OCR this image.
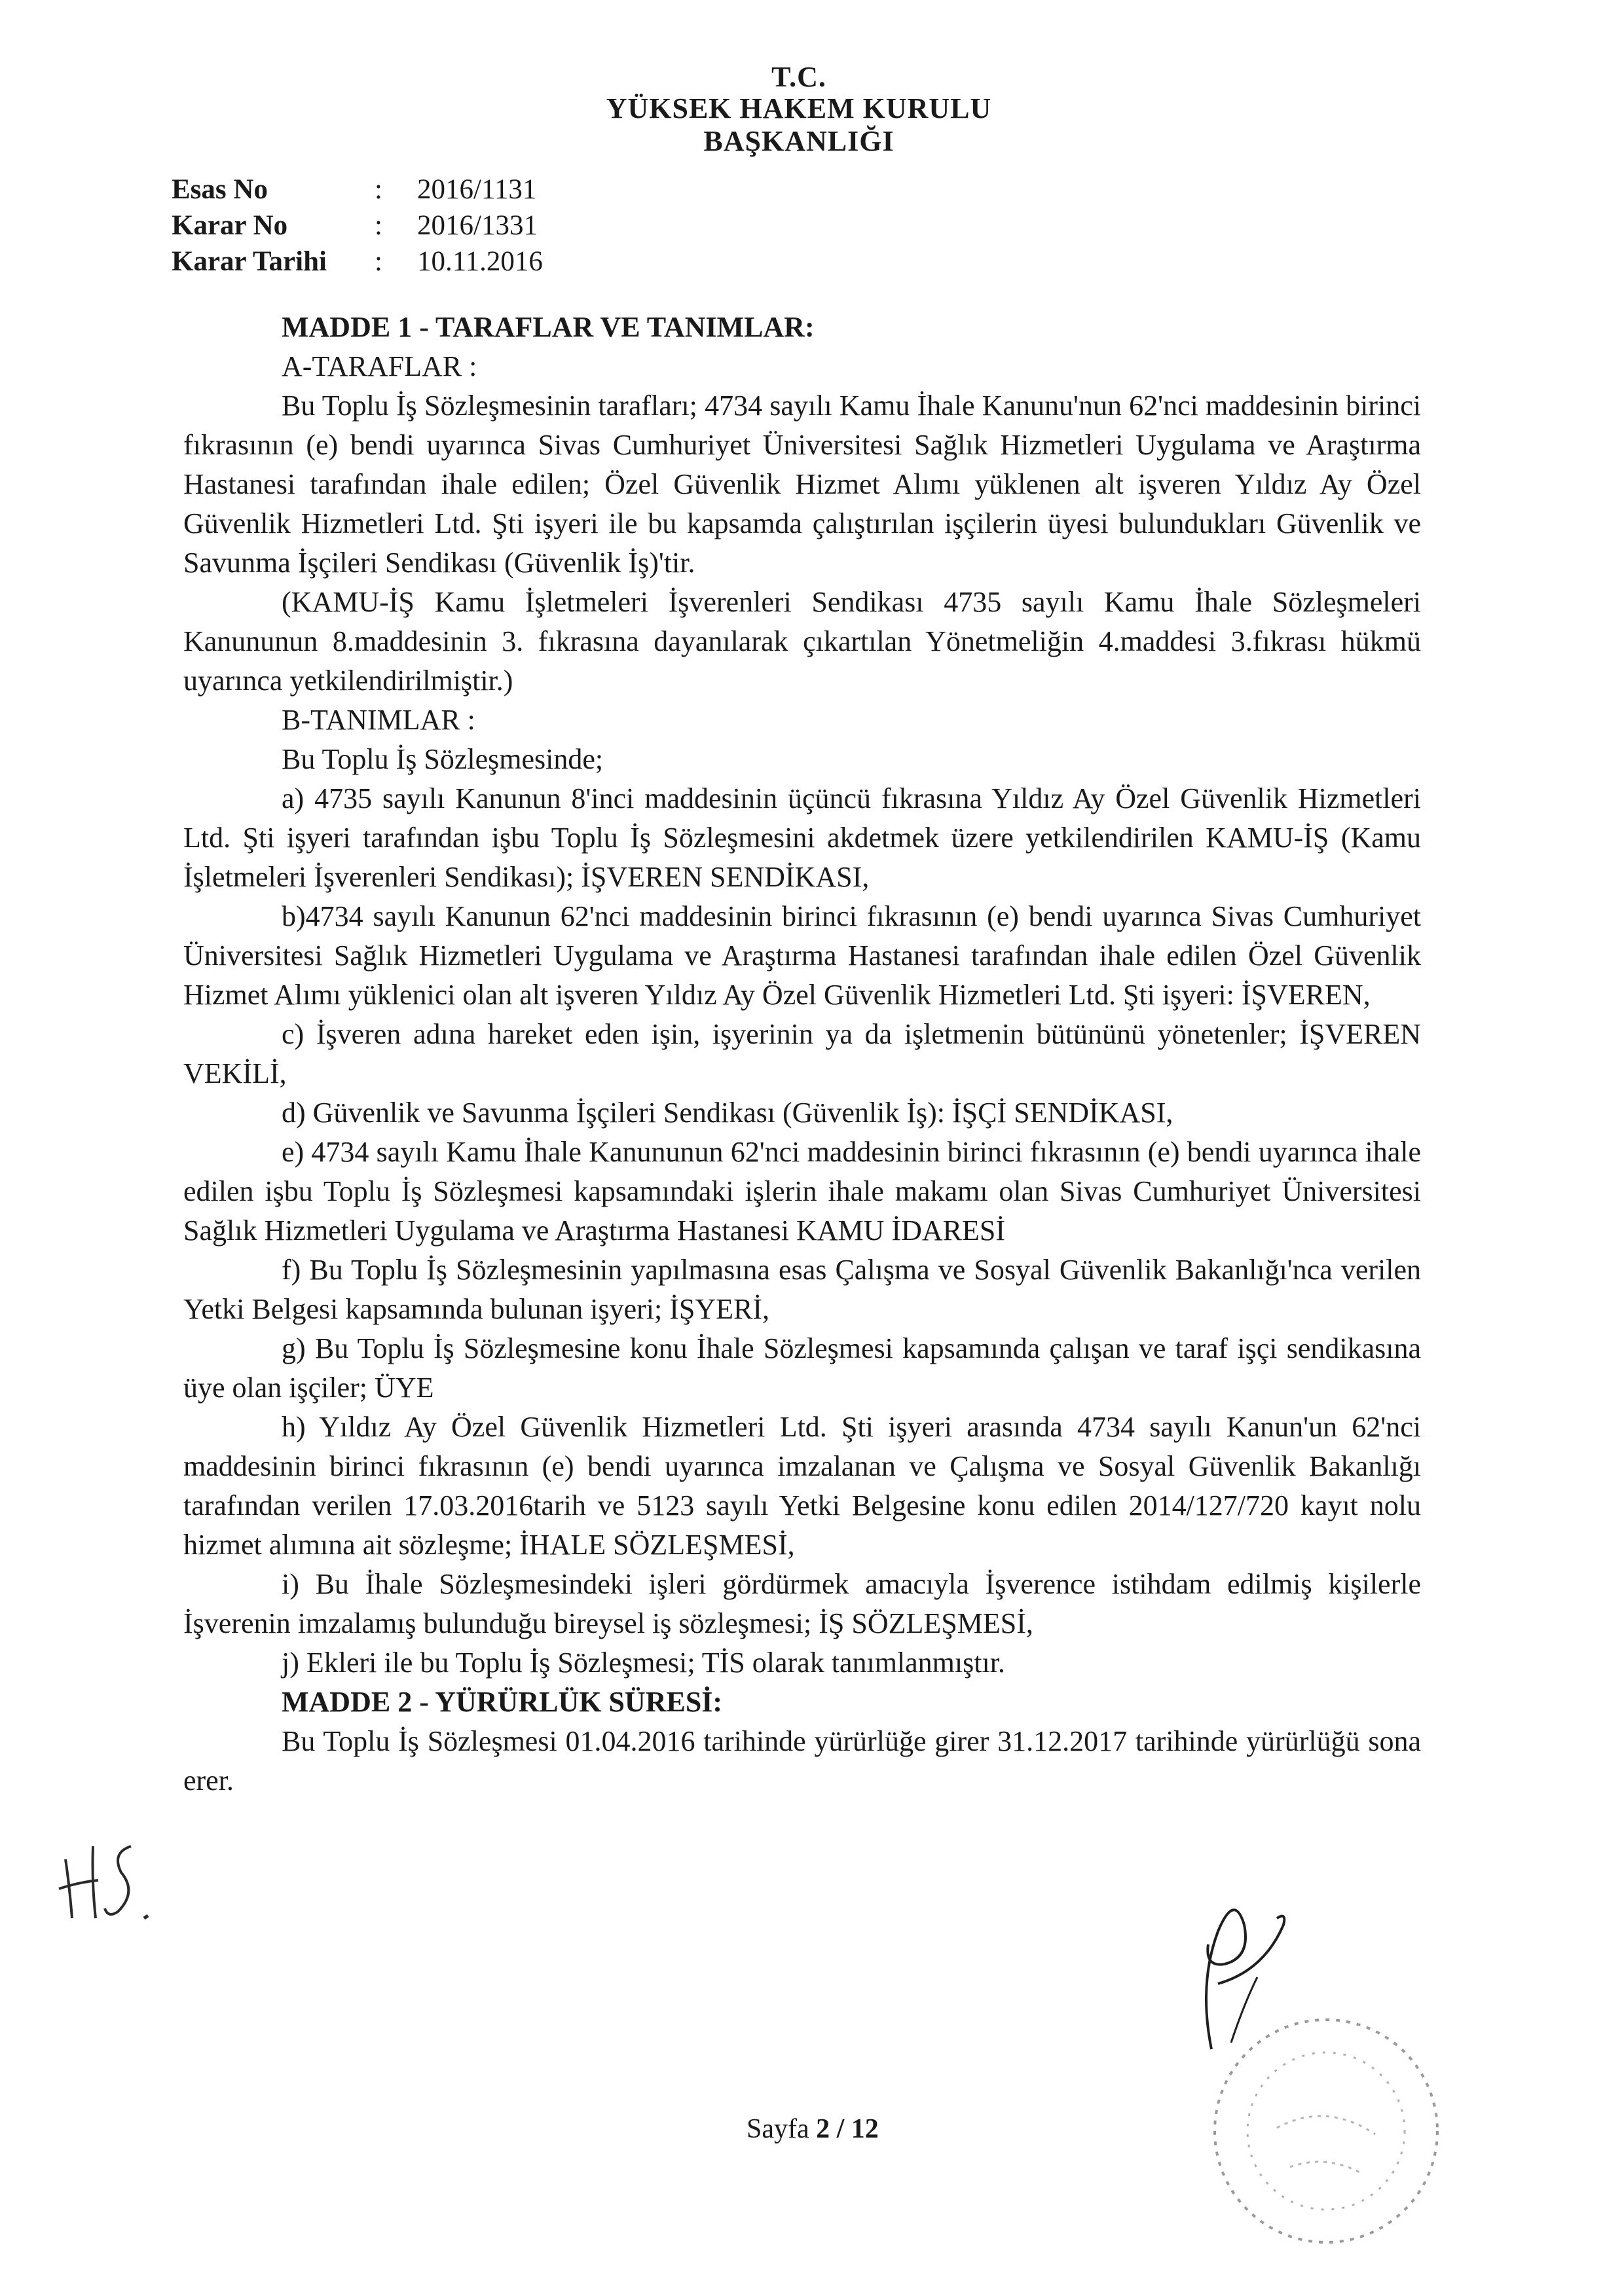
T.C.
YÜKSEK HAKEM KURULU
BAŞKANLIĞI
Esas No	:	2016/1131
Karar No	:	2016/1331
Karar Tarihi	:	10.11.2016

MADDE 1 - TARAFLAR VE TANIMLAR:

A-TARAFLAR :

Bu Toplu İş Sözleşmesinin tarafları; 4734 sayılı Kamu İhale Kanunu'nun 62'nci maddesinin birinci fıkrasının (e) bendi uyarınca Sivas Cumhuriyet Üniversitesi Sağlık Hizmetleri Uygulama ve Araştırma Hastanesi tarafından ihale edilen; Özel Güvenlik Hizmet Alımı yüklenen alt işveren Yıldız Ay Özel Güvenlik Hizmetleri Ltd. Şti işyeri ile bu kapsamda çalıştırılan işçilerin üyesi bulundukları Güvenlik ve Savunma İşçileri Sendikası (Güvenlik İş)'tir.

(KAMU-İŞ Kamu İşletmeleri İşverenleri Sendikası 4735 sayılı Kamu İhale Sözleşmeleri Kanununun 8.maddesinin 3. fıkrasına dayanılarak çıkartılan Yönetmeliğin 4.maddesi 3.fıkrası hükmü uyarınca yetkilendirilmiştir.)

B-TANIMLAR :

Bu Toplu İş Sözleşmesinde;

a) 4735 sayılı Kanunun 8'inci maddesinin üçüncü fıkrasına Yıldız Ay Özel Güvenlik Hizmetleri Ltd. Şti işyeri tarafından işbu Toplu İş Sözleşmesini akdetmek üzere yetkilendirilen KAMU-İŞ (Kamu İşletmeleri İşverenleri Sendikası); İŞVEREN SENDİKASI,

b)4734 sayılı Kanunun 62'nci maddesinin birinci fıkrasının (e) bendi uyarınca Sivas Cumhuriyet Üniversitesi Sağlık Hizmetleri Uygulama ve Araştırma Hastanesi tarafından ihale edilen Özel Güvenlik Hizmet Alımı yüklenici olan alt işveren Yıldız Ay Özel Güvenlik Hizmetleri Ltd. Şti işyeri: İŞVEREN,

c) İşveren adına hareket eden işin, işyerinin ya da işletmenin bütününü yönetenler; İŞVEREN VEKİLİ,

d) Güvenlik ve Savunma İşçileri Sendikası (Güvenlik İş): İŞÇİ SENDİKASI,

e) 4734 sayılı Kamu İhale Kanununun 62'nci maddesinin birinci fıkrasının (e) bendi uyarınca ihale edilen işbu Toplu İş Sözleşmesi kapsamındaki işlerin ihale makamı olan Sivas Cumhuriyet Üniversitesi Sağlık Hizmetleri Uygulama ve Araştırma Hastanesi KAMU İDARESİ

f) Bu Toplu İş Sözleşmesinin yapılmasına esas Çalışma ve Sosyal Güvenlik Bakanlığı'nca verilen Yetki Belgesi kapsamında bulunan işyeri; İŞYERİ,

g) Bu Toplu İş Sözleşmesine konu İhale Sözleşmesi kapsamında çalışan ve taraf işçi sendikasına üye olan işçiler; ÜYE

h) Yıldız Ay Özel Güvenlik Hizmetleri Ltd. Şti işyeri arasında 4734 sayılı Kanun'un 62'nci maddesinin birinci fıkrasının (e) bendi uyarınca imzalanan ve Çalışma ve Sosyal Güvenlik Bakanlığı tarafından verilen 17.03.2016tarih ve 5123 sayılı Yetki Belgesine konu edilen 2014/127/720 kayıt nolu hizmet alımına ait sözleşme; İHALE SÖZLEŞMESİ,

i) Bu İhale Sözleşmesindeki işleri gördürmek amacıyla İşverence istihdam edilmiş kişilerle İşverenin imzalamış bulunduğu bireysel iş sözleşmesi; İŞ SÖZLEŞMESİ,

j) Ekleri ile bu Toplu İş Sözleşmesi; TİS olarak tanımlanmıştır.

MADDE 2 - YÜRÜRLÜK SÜRESİ:

Bu Toplu İş Sözleşmesi 01.04.2016 tarihinde yürürlüğe girer 31.12.2017 tarihinde yürürlüğü sona erer.

Sayfa 2 / 12
